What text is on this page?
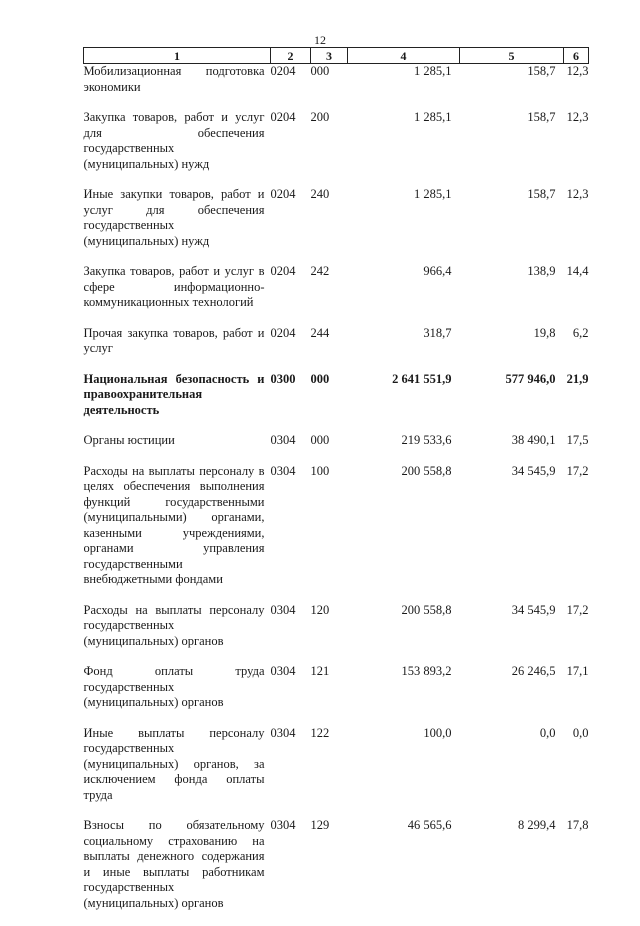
12
1	2	3	4	5	6
Мобилизационная подготовка экономики	0204	000	1 285,1	158,7	12,3
Закупка товаров, работ и услуг для обеспечения государственных (муниципальных) нужд	0204	200	1 285,1	158,7	12,3
Иные закупки товаров, работ и услуг для обеспечения государственных (муниципальных) нужд	0204	240	1 285,1	158,7	12,3
Закупка товаров, работ и услуг в сфере информационно-коммуникационных технологий	0204	242	966,4	138,9	14,4
Прочая закупка товаров, работ и услуг	0204	244	318,7	19,8	6,2
Национальная безопасность и правоохранительная деятельность	0300	000	2 641 551,9	577 946,0	21,9
Органы юстиции	0304	000	219 533,6	38 490,1	17,5
Расходы на выплаты персоналу в целях обеспечения выполнения функций государственными (муниципальными) органами, казенными учреждениями, органами управления государственными внебюджетными фондами	0304	100	200 558,8	34 545,9	17,2
Расходы на выплаты персоналу государственных (муниципальных) органов	0304	120	200 558,8	34 545,9	17,2
Фонд оплаты труда государственных (муниципальных) органов	0304	121	153 893,2	26 246,5	17,1
Иные выплаты персоналу государственных (муниципальных) органов, за исключением фонда оплаты труда	0304	122	100,0	0,0	0,0
Взносы по обязательному социальному страхованию на выплаты денежного содержания и иные выплаты работникам государственных (муниципальных) органов	0304	129	46 565,6	8 299,4	17,8
